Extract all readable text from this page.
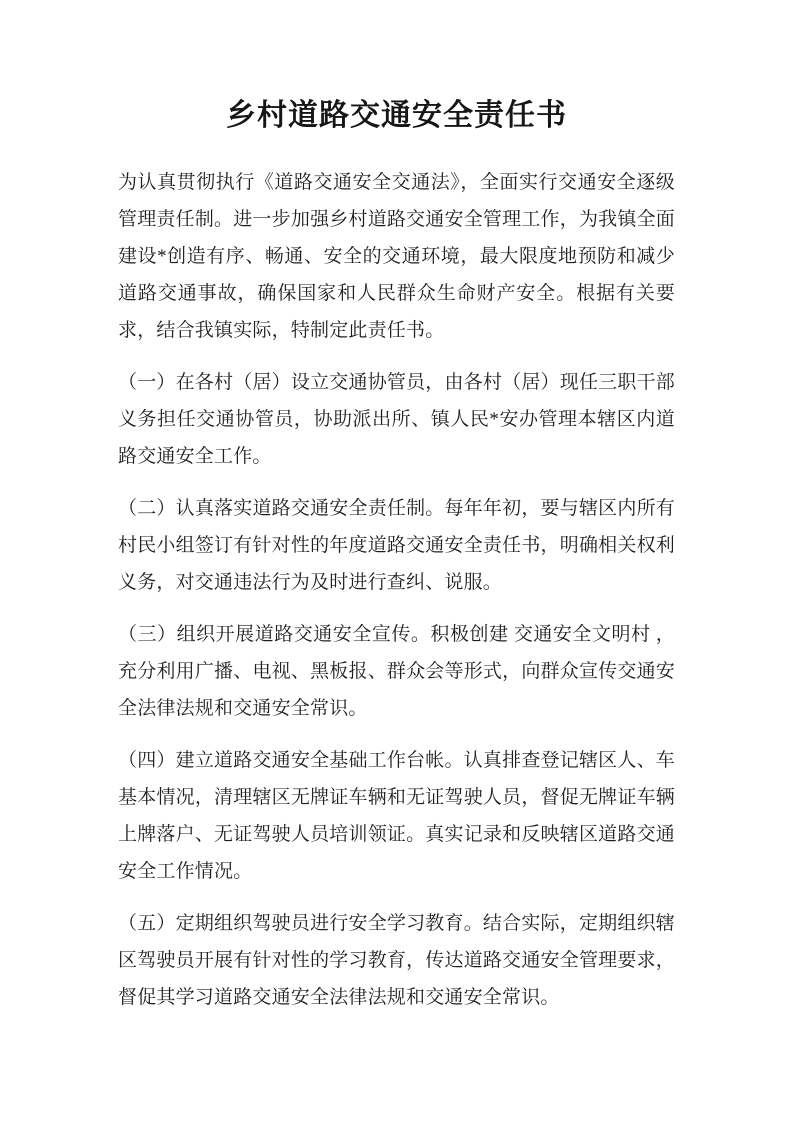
乡村道路交通安全责任书

为认真贯彻执行《道路交通安全交通法》，全面实行交通安全逐级管理责任制。进一步加强乡村道路交通安全管理工作，为我镇全面建设*创造有序、畅通、安全的交通环境，最大限度地预防和减少道路交通事故，确保国家和人民群众生命财产安全。根据有关要求，结合我镇实际，特制定此责任书。

（一）在各村（居）设立交通协管员，由各村（居）现任三职干部义务担任交通协管员，协助派出所、镇人民*安办管理本辖区内道路交通安全工作。

（二）认真落实道路交通安全责任制。每年年初，要与辖区内所有村民小组签订有针对性的年度道路交通安全责任书，明确相关权利义务，对交通违法行为及时进行查纠、说服。

（三）组织开展道路交通安全宣传。积极创建 交通安全文明村 ，充分利用广播、电视、黑板报、群众会等形式，向群众宣传交通安全法律法规和交通安全常识。

（四）建立道路交通安全基础工作台帐。认真排查登记辖区人、车基本情况，清理辖区无牌证车辆和无证驾驶人员，督促无牌证车辆上牌落户、无证驾驶人员培训领证。真实记录和反映辖区道路交通安全工作情况。

（五）定期组织驾驶员进行安全学习教育。结合实际，定期组织辖区驾驶员开展有针对性的学习教育，传达道路交通安全管理要求，督促其学习道路交通安全法律法规和交通安全常识。
